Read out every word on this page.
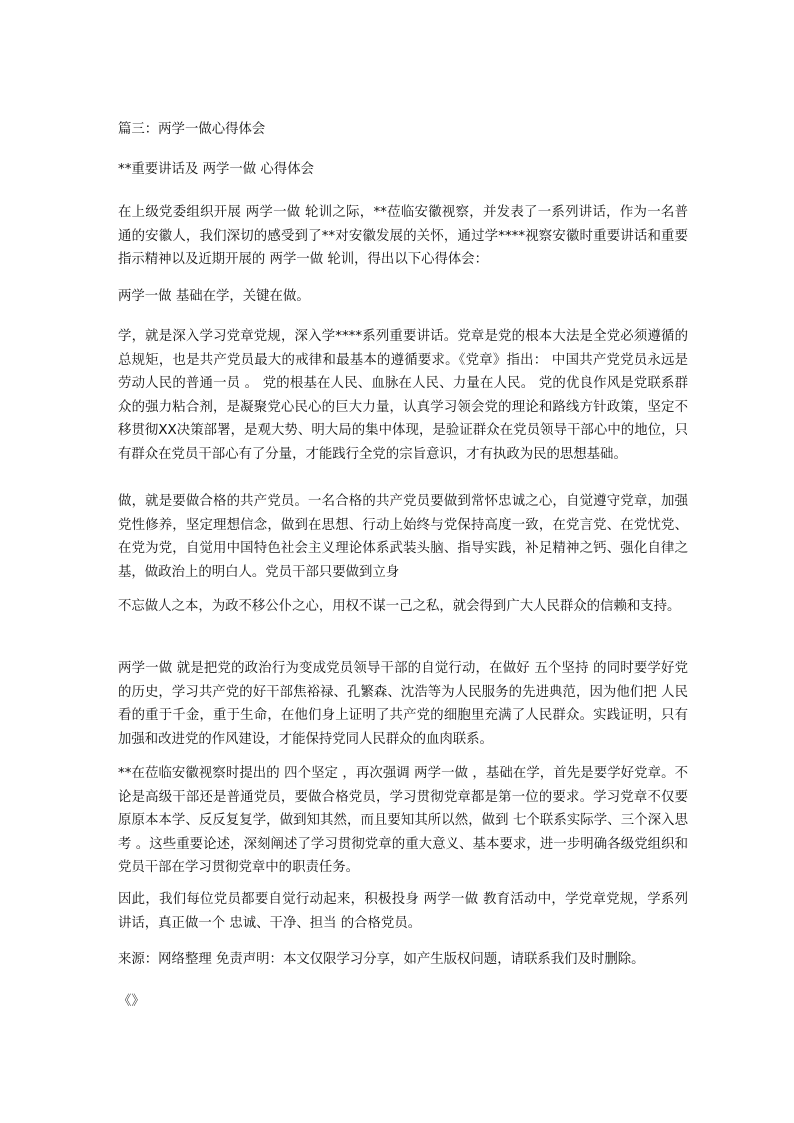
篇三：两学一做心得体会

**重要讲话及 两学一做 心得体会

在上级党委组织开展 两学一做 轮训之际，**莅临安徽视察，并发表了一系列讲话，作为一名普通的安徽人，我们深切的感受到了**对安徽发展的关怀，通过学****视察安徽时重要讲话和重要指示精神以及近期开展的 两学一做 轮训，得出以下心得体会：

两学一做 基础在学，关键在做。

学，就是深入学习党章党规，深入学****系列重要讲话。党章是党的根本大法是全党必须遵循的总规矩，也是共产党员最大的戒律和最基本的遵循要求。《党章》指出： 中国共产党党员永远是劳动人民的普通一员 。 党的根基在人民、血脉在人民、力量在人民。 党的优良作风是党联系群众的强力粘合剂，是凝聚党心民心的巨大力量，认真学习领会党的理论和路线方针政策，坚定不移贯彻XX决策部署，是观大势、明大局的集中体现，是验证群众在党员领导干部心中的地位，只有群众在党员干部心有了分量，才能践行全党的宗旨意识，才有执政为民的思想基础。

做，就是要做合格的共产党员。一名合格的共产党员要做到常怀忠诚之心，自觉遵守党章，加强党性修养，坚定理想信念，做到在思想、行动上始终与党保持高度一致，在党言党、在党忧党、在党为党，自觉用中国特色社会主义理论体系武装头脑、指导实践，补足精神之钙、强化自律之基，做政治上的明白人。党员干部只要做到立身

不忘做人之本，为政不移公仆之心，用权不谋一己之私，就会得到广大人民群众的信赖和支持。

两学一做 就是把党的政治行为变成党员领导干部的自觉行动，在做好 五个坚持 的同时要学好党的历史，学习共产党的好干部焦裕禄、孔繁森、沈浩等为人民服务的先进典范，因为他们把 人民 看的重于千金，重于生命，在他们身上证明了共产党的细胞里充满了人民群众。实践证明，只有加强和改进党的作风建设，才能保持党同人民群众的血肉联系。

**在莅临安徽视察时提出的 四个坚定 ，再次强调 两学一做 ，基础在学，首先是要学好党章。不论是高级干部还是普通党员，要做合格党员，学习贯彻党章都是第一位的要求。学习党章不仅要原原本本学、反反复复学，做到知其然，而且要知其所以然，做到 七个联系实际学、三个深入思考 。这些重要论述，深刻阐述了学习贯彻党章的重大意义、基本要求，进一步明确各级党组织和党员干部在学习贯彻党章中的职责任务。

因此，我们每位党员都要自觉行动起来，积极投身 两学一做 教育活动中，学党章党规，学系列讲话，真正做一个 忠诚、干净、担当 的合格党员。

来源：网络整理 免责声明：本文仅限学习分享，如产生版权问题，请联系我们及时删除。

《》
